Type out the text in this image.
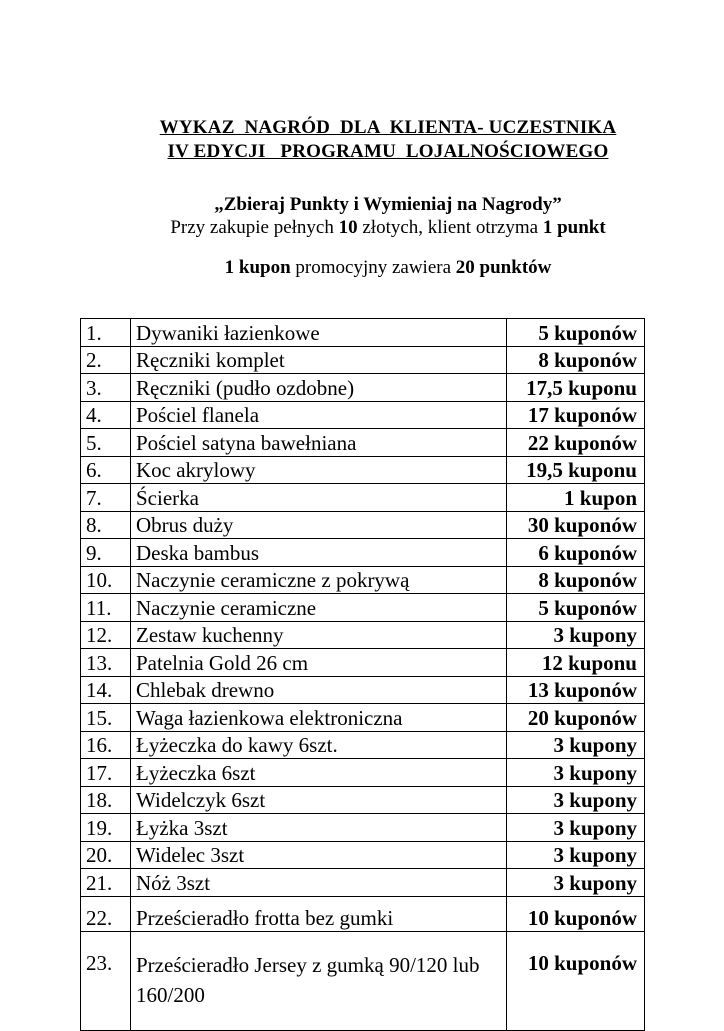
WYKAZ  NAGRÓD  DLA  KLIENTA- UCZESTNIKA
IV EDYCJI   PROGRAMU  LOJALNOŚCIOWEGO
„Zbieraj Punkty i Wymieniaj na Nagrody”
Przy zakupie pełnych 10 złotych, klient otrzyma 1 punkt
1 kupon promocyjny zawiera 20 punktów
1.	Dywaniki łazienkowe	5 kuponów
2.	Ręczniki komplet	8 kuponów
3.	Ręczniki (pudło ozdobne)	17,5 kuponu
4.	Pościel flanela	17 kuponów
5.	Pościel satyna bawełniana	22 kuponów
6.	Koc akrylowy	19,5 kuponu
7.	Ścierka	1 kupon
8.	Obrus duży	30 kuponów
9.	Deska bambus	6 kuponów
10.	Naczynie ceramiczne z pokrywą	8 kuponów
11.	Naczynie ceramiczne	5 kuponów
12.	Zestaw kuchenny	3 kupony
13.	Patelnia Gold 26 cm	12 kuponu
14.	Chlebak drewno	13 kuponów
15.	Waga łazienkowa elektroniczna	20 kuponów
16.	Łyżeczka do kawy 6szt.	3 kupony
17.	Łyżeczka 6szt	3 kupony
18.	Widelczyk 6szt	3 kupony
19.	Łyżka 3szt	3 kupony
20.	Widelec 3szt	3 kupony
21.	Nóż 3szt	3 kupony
22.	Prześcieradło frotta bez gumki	10 kuponów
23.	Prześcieradło Jersey z gumką 90/120 lub 160/200	10 kuponów
